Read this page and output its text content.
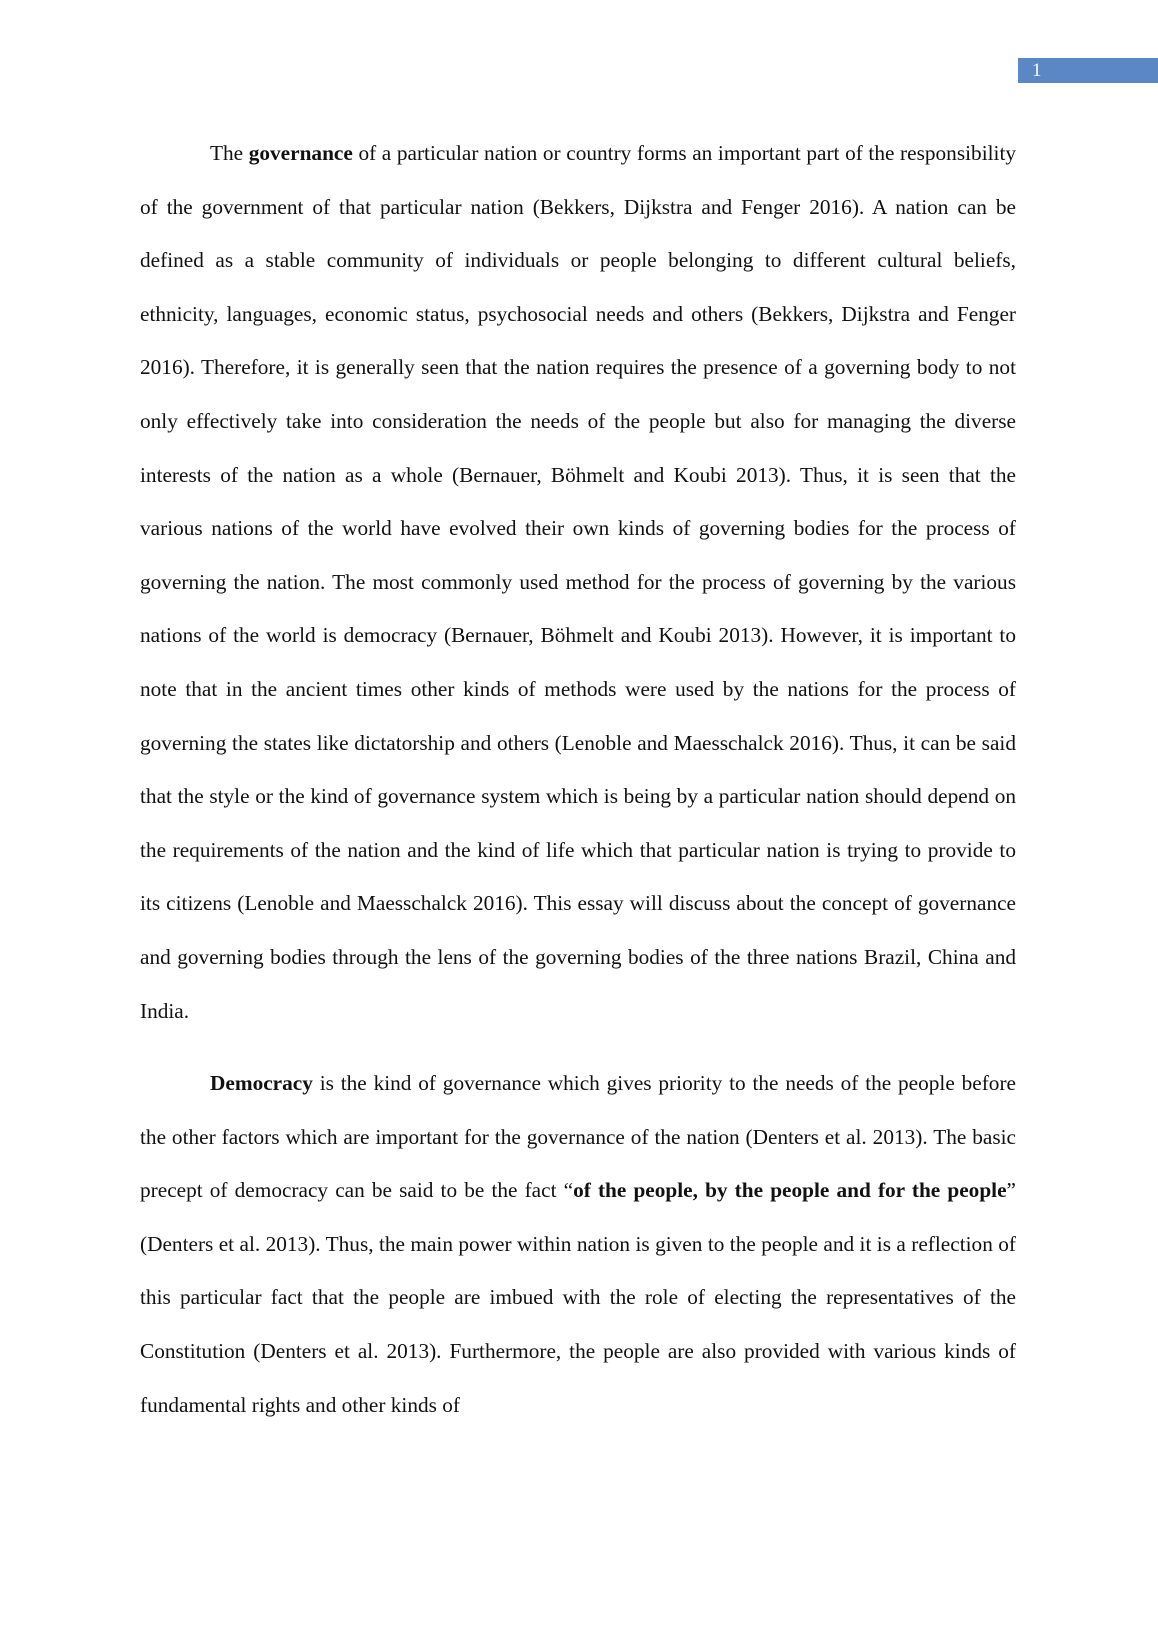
1

The governance of a particular nation or country forms an important part of the responsibility of the government of that particular nation (Bekkers, Dijkstra and Fenger 2016). A nation can be defined as a stable community of individuals or people belonging to different cultural beliefs, ethnicity, languages, economic status, psychosocial needs and others (Bekkers, Dijkstra and Fenger 2016). Therefore, it is generally seen that the nation requires the presence of a governing body to not only effectively take into consideration the needs of the people but also for managing the diverse interests of the nation as a whole (Bernauer, Böhmelt and Koubi 2013). Thus, it is seen that the various nations of the world have evolved their own kinds of governing bodies for the process of governing the nation. The most commonly used method for the process of governing by the various nations of the world is democracy (Bernauer, Böhmelt and Koubi 2013). However, it is important to note that in the ancient times other kinds of methods were used by the nations for the process of governing the states like dictatorship and others (Lenoble and Maesschalck 2016). Thus, it can be said that the style or the kind of governance system which is being by a particular nation should depend on the requirements of the nation and the kind of life which that particular nation is trying to provide to its citizens (Lenoble and Maesschalck 2016). This essay will discuss about the concept of governance and governing bodies through the lens of the governing bodies of the three nations Brazil, China and India.

Democracy is the kind of governance which gives priority to the needs of the people before the other factors which are important for the governance of the nation (Denters et al. 2013). The basic precept of democracy can be said to be the fact “of the people, by the people and for the people” (Denters et al. 2013). Thus, the main power within nation is given to the people and it is a reflection of this particular fact that the people are imbued with the role of electing the representatives of the Constitution (Denters et al. 2013). Furthermore, the people are also provided with various kinds of fundamental rights and other kinds of
